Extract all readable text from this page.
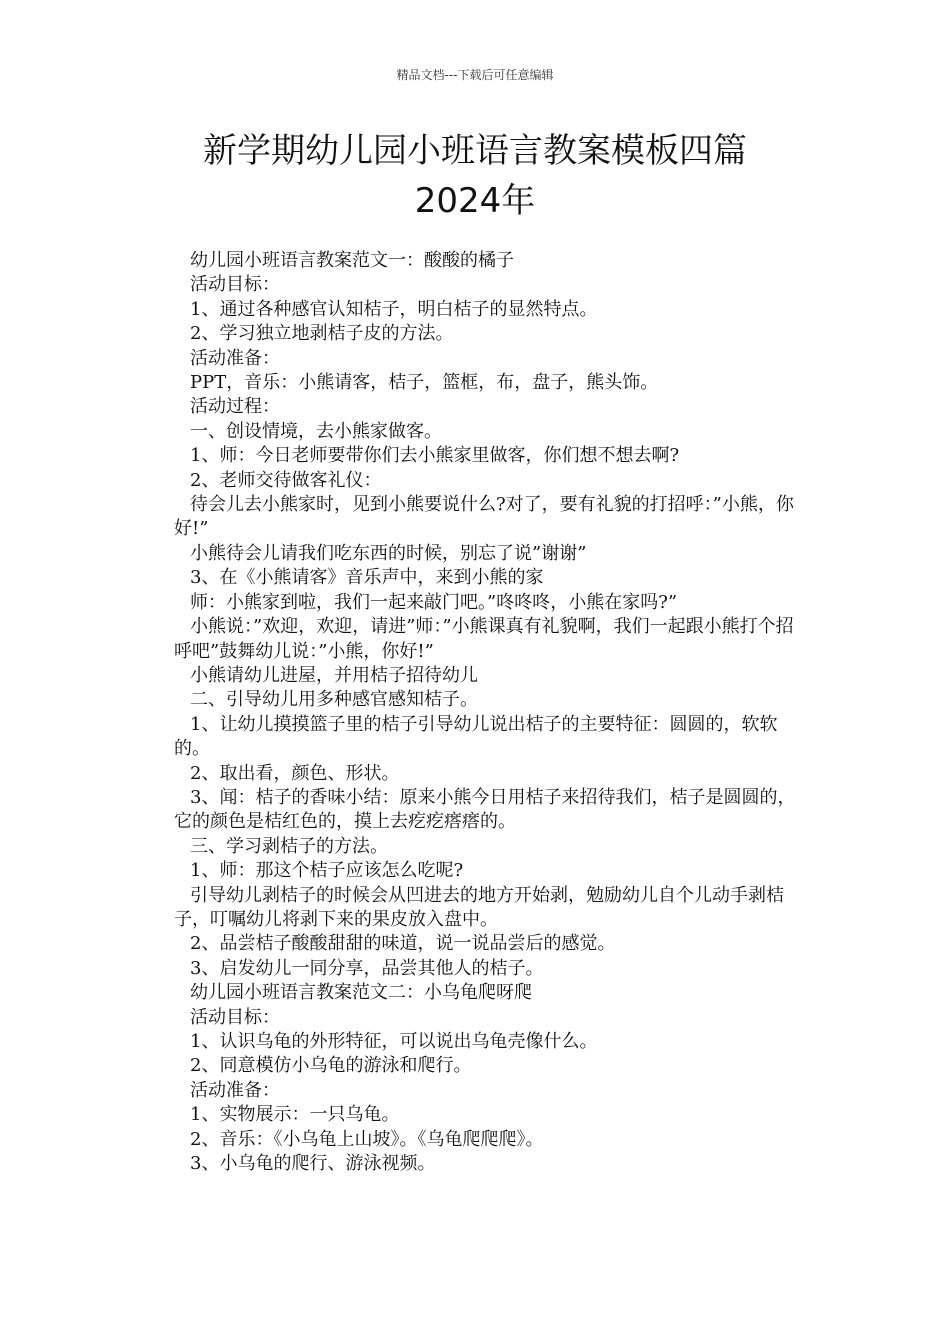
精品文档---下载后可任意编辑
新学期幼儿园小班语言教案模板四篇
2024年

幼儿园小班语言教案范文一：酸酸的橘子

活动目标：

1、通过各种感官认知桔子，明白桔子的显然特点。

2、学习独立地剥桔子皮的方法。

活动准备：

PPT，音乐：小熊请客，桔子，篮框，布，盘子，熊头饰。

活动过程：

一、创设情境，去小熊家做客。

1、师：今日老师要带你们去小熊家里做客，你们想不想去啊?

2、老师交待做客礼仪：

待会儿去小熊家时，见到小熊要说什么?对了，要有礼貌的打招呼：”小熊，你好!”

小熊待会儿请我们吃东西的时候，别忘了说”谢谢”

3、在《小熊请客》音乐声中，来到小熊的家

师：小熊家到啦，我们一起来敲门吧。”咚咚咚，小熊在家吗?”

小熊说：”欢迎，欢迎，请进”师：”小熊课真有礼貌啊，我们一起跟小熊打个招呼吧”鼓舞幼儿说：”小熊，你好!”

小熊请幼儿进屋，并用桔子招待幼儿

二、引导幼儿用多种感官感知桔子。

1、让幼儿摸摸篮子里的桔子引导幼儿说出桔子的主要特征：圆圆的，软软的。

2、取出看，颜色、形状。

3、闻：桔子的香味小结：原来小熊今日用桔子来招待我们，桔子是圆圆的，它的颜色是桔红色的，摸上去疙疙瘩瘩的。

三、学习剥桔子的方法。

1、师：那这个桔子应该怎么吃呢?

引导幼儿剥桔子的时候会从凹进去的地方开始剥，勉励幼儿自个儿动手剥桔子，叮嘱幼儿将剥下来的果皮放入盘中。

2、品尝桔子酸酸甜甜的味道，说一说品尝后的感觉。

3、启发幼儿一同分享，品尝其他人的桔子。

幼儿园小班语言教案范文二：小乌龟爬呀爬

活动目标：

1、认识乌龟的外形特征，可以说出乌龟壳像什么。

2、同意模仿小乌龟的游泳和爬行。

活动准备：

1、实物展示：一只乌龟。

2、音乐：《小乌龟上山坡》。《乌龟爬爬爬》。

3、小乌龟的爬行、游泳视频。
